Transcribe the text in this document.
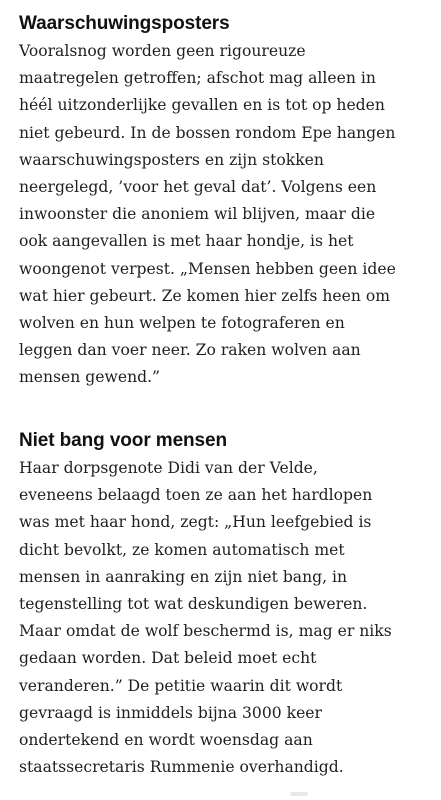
Waarschuwingsposters

Vooralsnog worden geen rigoureuze
maatregelen getroffen; afschot mag alleen in
héél uitzonderlijke gevallen en is tot op heden
niet gebeurd. In de bossen rondom Epe hangen
waarschuwingsposters en zijn stokken
neergelegd, ’voor het geval dat’. Volgens een
inwoonster die anoniem wil blijven, maar die
ook aangevallen is met haar hondje, is het
woongenot verpest. „Mensen hebben geen idee
wat hier gebeurt. Ze komen hier zelfs heen om
wolven en hun welpen te fotograferen en
leggen dan voer neer. Zo raken wolven aan
mensen gewend.”

Niet bang voor mensen

Haar dorpsgenote Didi van der Velde,
eveneens belaagd toen ze aan het hardlopen
was met haar hond, zegt: „Hun leefgebied is
dicht bevolkt, ze komen automatisch met
mensen in aanraking en zijn niet bang, in
tegenstelling tot wat deskundigen beweren.
Maar omdat de wolf beschermd is, mag er niks
gedaan worden. Dat beleid moet echt
veranderen.” De petitie waarin dit wordt
gevraagd is inmiddels bijna 3000 keer
ondertekend en wordt woensdag aan
staatssecretaris Rummenie overhandigd.
